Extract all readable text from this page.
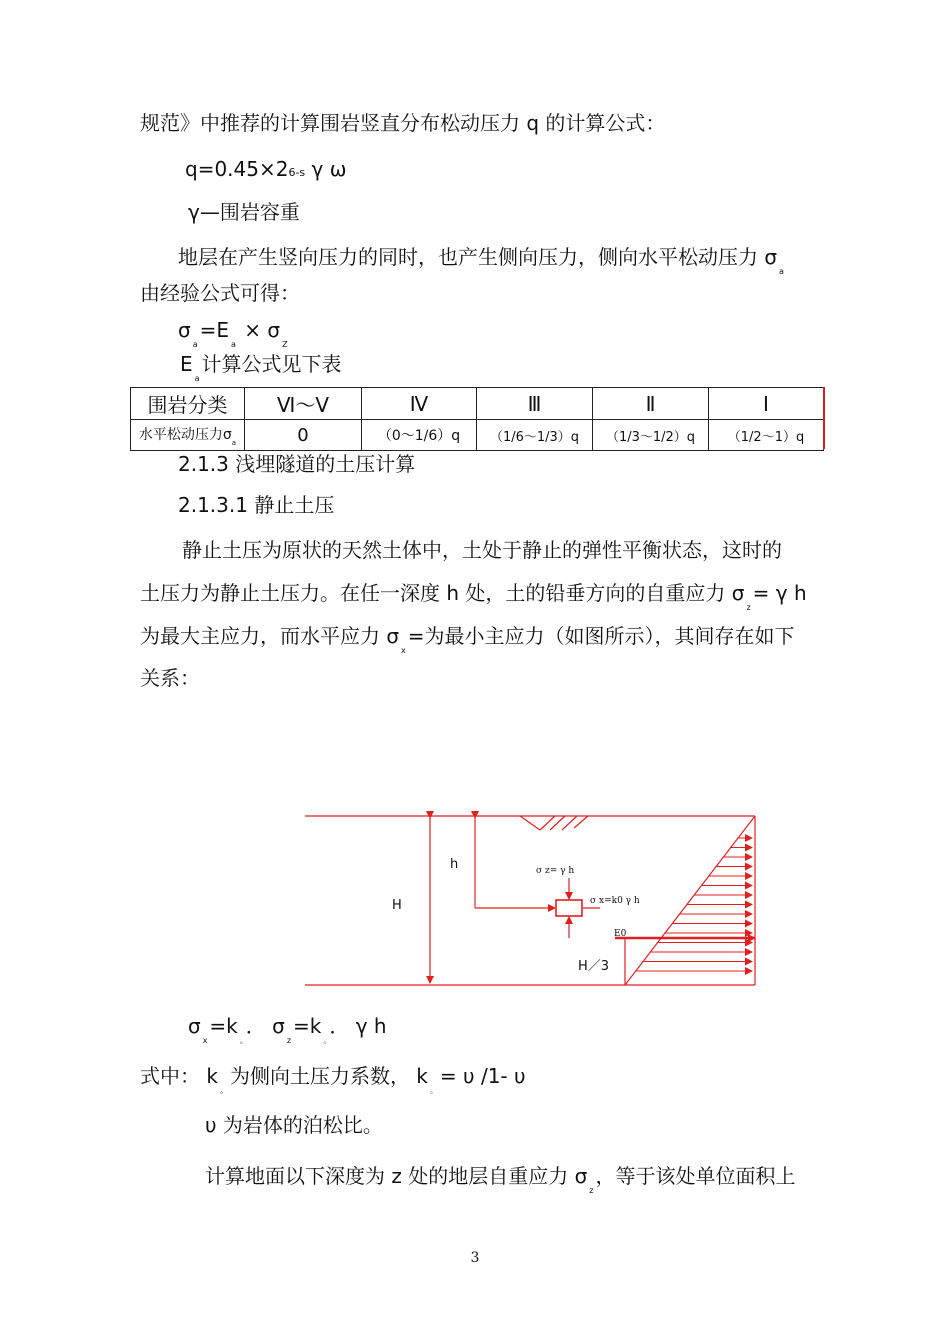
规范》中推荐的计算围岩竖直分布松动压力 q 的计算公式：
q=0.45×26-s γ ω
γ—围岩容重
地层在产生竖向压力的同时，也产生侧向压力，侧向水平松动压力 $\sigma_a$
由经验公式可得：
$\sigma_a=E_a \times \sigma_Z$
$E_a$计算公式见下表
围岩分类	Ⅵ～Ⅴ	Ⅳ	Ⅲ	Ⅱ	Ⅰ
水平松动压力$\sigma_a$	0	（0～1/6）q	（1/6～1/3）q	（1/3～1/2）q	（1/2～1）q
2.1.3 浅埋隧道的土压计算
2.1.3.1 静止土压
静止土压为原状的天然土体中，土处于静止的弹性平衡状态，这时的
土压力为静止土压力。在任一深度 h 处，土的铅垂方向的自重应力 $\sigma_z= \gamma$ h
为最大主应力，而水平应力 $\sigma_x=$为最小主应力（如图所示），其间存在如下
关系：
H
h	σ z= γ h
σ x=k0 γ h
E0
H／3
$\sigma_x=k_。$． $\sigma_z=k_。$． γ h
式中： $k_。$为侧向土压力系数， $k_。= \upsilon$ /1- υ
υ 为岩体的泊松比。
计算地面以下深度为 z 处的地层自重应力 $\sigma_z$，等于该处单位面积上
3
